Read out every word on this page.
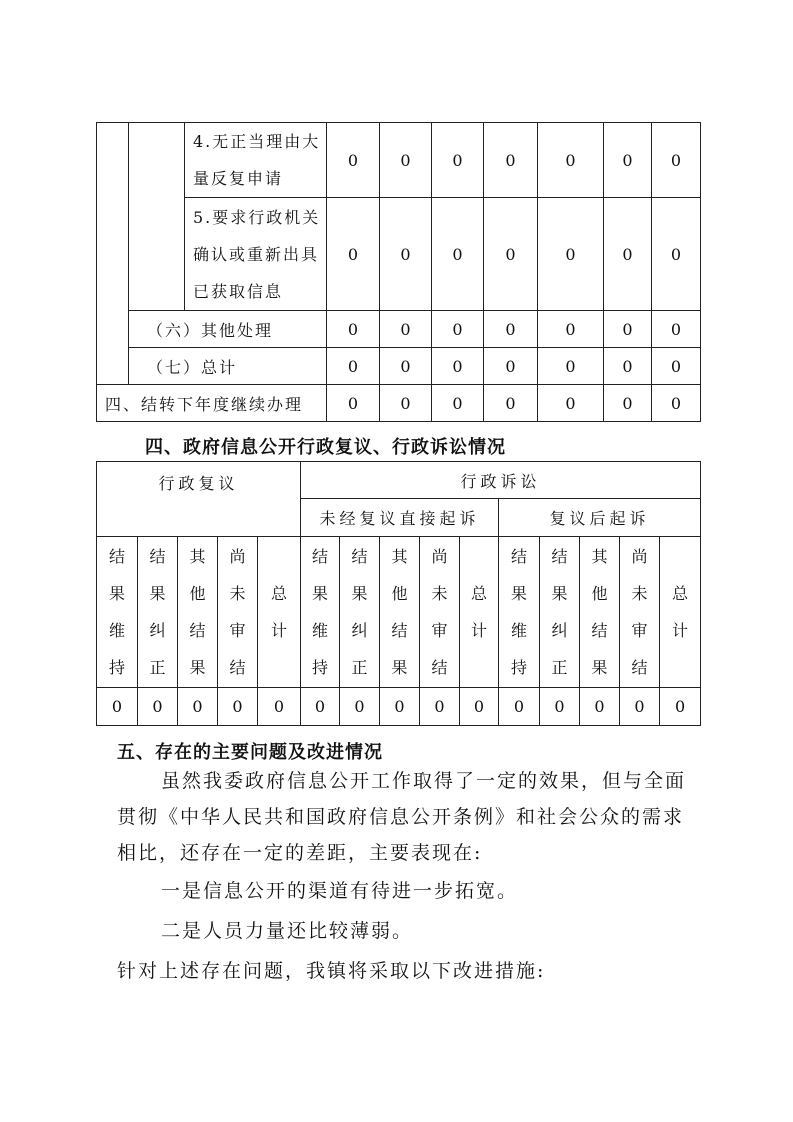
		4.无正当理由大量反复申请	0	0	0	0	0	0	0
		5.要求行政机关确认或重新出具已获取信息	0	0	0	0	0	0	0
	（六）其他处理		0	0	0	0	0	0	0
	（七）总计		0	0	0	0	0	0	0
四、结转下年度继续办理			0	0	0	0	0	0	0
四、政府信息公开行政复议、行政诉讼情况
行政复议					行政诉讼									
					未经复议直接起诉					复议后起诉				
结果维持	结果纠正	其他结果	尚未审结	总计	结果维持	结果纠正	其他结果	尚未审结	总计	结果维持	结果纠正	其他结果	尚未审结	总计
0	0	0	0	0	0	0	0	0	0	0	0	0	0	0
五、存在的主要问题及改进情况

虽然我委政府信息公开工作取得了一定的效果，但与全面贯彻《中华人民共和国政府信息公开条例》和社会公众的需求相比，还存在一定的差距，主要表现在:

一是信息公开的渠道有待进一步拓宽。

二是人员力量还比较薄弱。

针对上述存在问题，我镇将采取以下改进措施:
